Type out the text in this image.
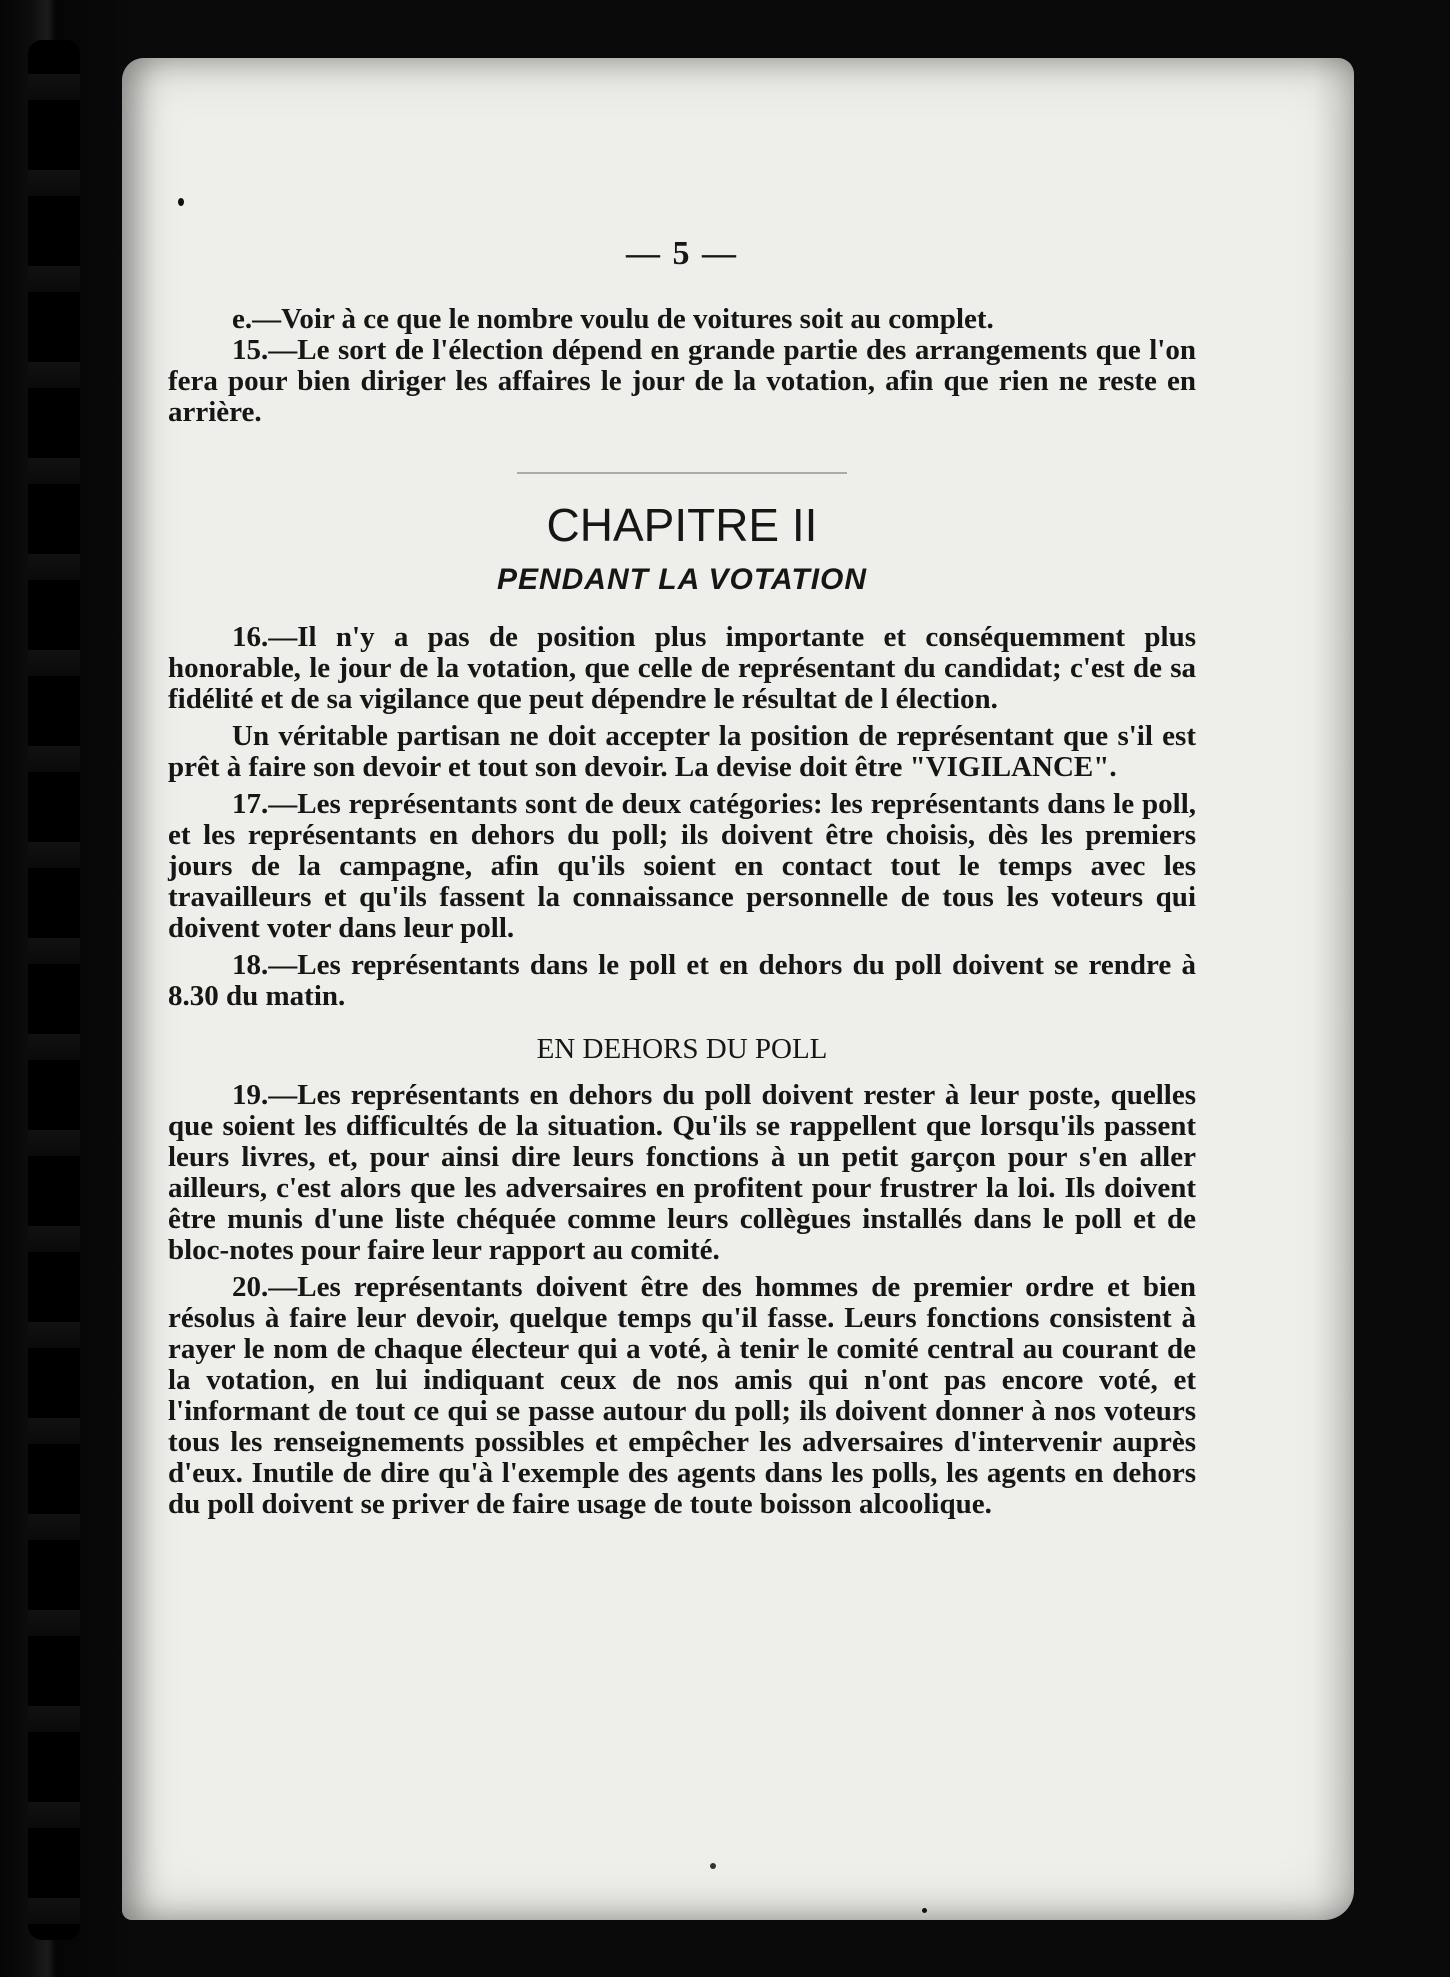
— 5 —

e.—Voir à ce que le nombre voulu de voitures soit au complet.

15.—Le sort de l'élection dépend en grande partie des arrangements que l'on fera pour bien diriger les affaires le jour de la votation, afin que rien ne reste en arrière.

CHAPITRE II
PENDANT LA VOTATION

16.—Il n'y a pas de position plus importante et conséquemment plus honorable, le jour de la votation, que celle de représentant du candidat; c'est de sa fidélité et de sa vigilance que peut dépendre le résultat de l élection.

Un véritable partisan ne doit accepter la position de représentant que s'il est prêt à faire son devoir et tout son devoir. La devise doit être "VIGILANCE".

17.—Les représentants sont de deux catégories: les représentants dans le poll, et les représentants en dehors du poll; ils doivent être choisis, dès les premiers jours de la campagne, afin qu'ils soient en contact tout le temps avec les travailleurs et qu'ils fassent la connaissance personnelle de tous les voteurs qui doivent voter dans leur poll.

18.—Les représentants dans le poll et en dehors du poll doivent se rendre à 8.30 du matin.

EN DEHORS DU POLL

19.—Les représentants en dehors du poll doivent rester à leur poste, quelles que soient les difficultés de la situation. Qu'ils se rappellent que lorsqu'ils passent leurs livres, et, pour ainsi dire leurs fonctions à un petit garçon pour s'en aller ailleurs, c'est alors que les adversaires en profitent pour frustrer la loi. Ils doivent être munis d'une liste chéquée comme leurs collègues installés dans le poll et de bloc-notes pour faire leur rapport au comité.

20.—Les représentants doivent être des hommes de premier ordre et bien résolus à faire leur devoir, quelque temps qu'il fasse. Leurs fonctions consistent à rayer le nom de chaque électeur qui a voté, à tenir le comité central au courant de la votation, en lui indiquant ceux de nos amis qui n'ont pas encore voté, et l'informant de tout ce qui se passe autour du poll; ils doivent donner à nos voteurs tous les renseignements possibles et empêcher les adversaires d'intervenir auprès d'eux. Inutile de dire qu'à l'exemple des agents dans les polls, les agents en dehors du poll doivent se priver de faire usage de toute boisson alcoolique.
